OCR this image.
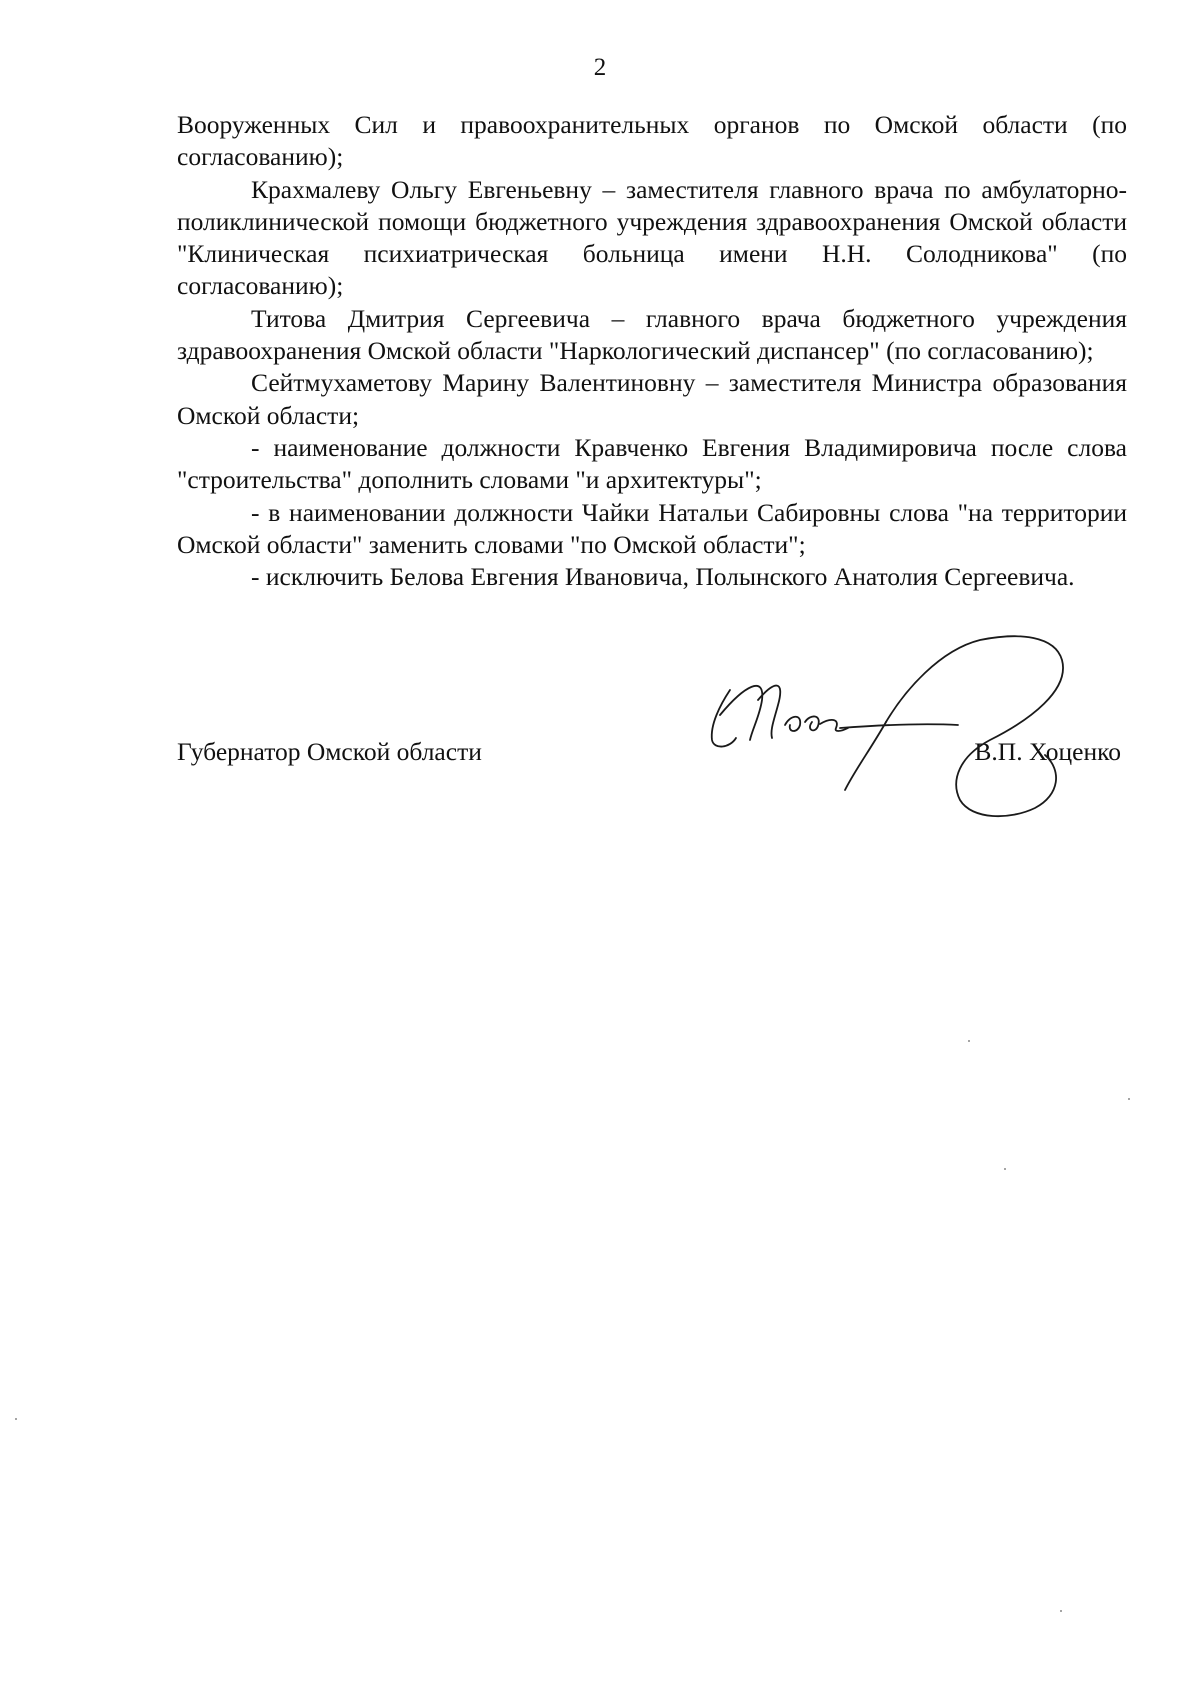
2

Вооруженных Сил и правоохранительных органов по Омской области (по согласованию);

Крахмалеву Ольгу Евгеньевну – заместителя главного врача по амбулаторно-поликлинической помощи бюджетного учреждения здравоохранения Омской области "Клиническая психиатрическая больница имени Н.Н. Солодникова" (по согласованию);

Титова Дмитрия Сергеевича – главного врача бюджетного учреждения здравоохранения Омской области "Наркологический диспансер" (по согласованию);

Сейтмухаметову Марину Валентиновну – заместителя Министра образования Омской области;

- наименование должности Кравченко Евгения Владимировича после слова "строительства" дополнить словами "и архитектуры";

- в наименовании должности Чайки Натальи Сабировны слова "на территории Омской области" заменить словами "по Омской области";

- исключить Белова Евгения Ивановича, Полынского Анатолия Сергеевича.

Губернатор Омской области	В.П. Хоценко
